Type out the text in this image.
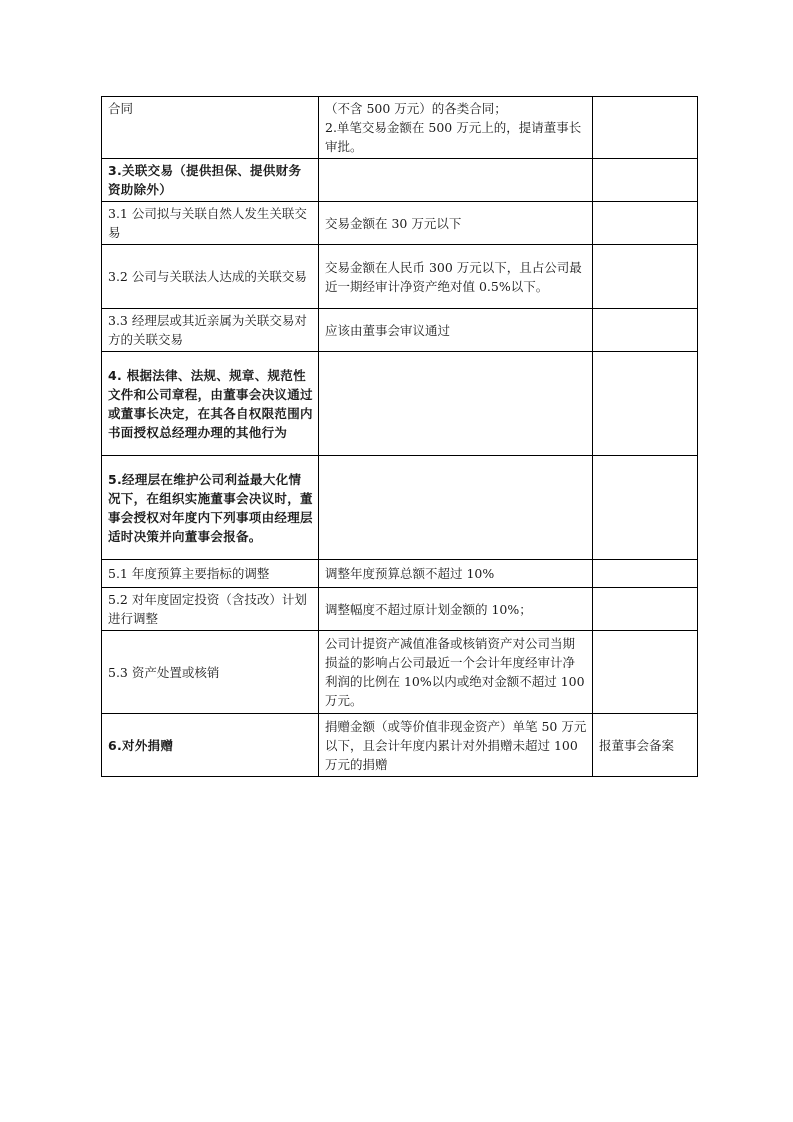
合同	（不含 500 万元）的各类合同；
2.单笔交易金额在 500 万元上的，提请董事长审批。	

3.关联交易（提供担保、提供财务资助除外）		
3.1 公司拟与关联自然人发生关联交易	交易金额在 30 万元以下	
3.2 公司与关联法人达成的关联交易	交易金额在人民币 300 万元以下，且占公司最近一期经审计净资产绝对值 0.5%以下。	
3.3 经理层或其近亲属为关联交易对方的关联交易	应该由董事会审议通过	
4. 根据法律、法规、规章、规范性文件和公司章程，由董事会决议通过或董事长决定，在其各自权限范围内书面授权总经理办理的其他行为		
5.经理层在维护公司利益最大化情况下，在组织实施董事会决议时，董事会授权对年度内下列事项由经理层适时决策并向董事会报备。		
5.1 年度预算主要指标的调整	调整年度预算总额不超过 10%	
5.2 对年度固定投资（含技改）计划进行调整	调整幅度不超过原计划金额的 10%；	
5.3 资产处置或核销	公司计提资产减值准备或核销资产对公司当期损益的影响占公司最近一个会计年度经审计净利润的比例在 10%以内或绝对金额不超过 100 万元。	
6.对外捐赠	捐赠金额（或等价值非现金资产）单笔 50 万元以下，且会计年度内累计对外捐赠未超过 100 万元的捐赠	报董事会备案
